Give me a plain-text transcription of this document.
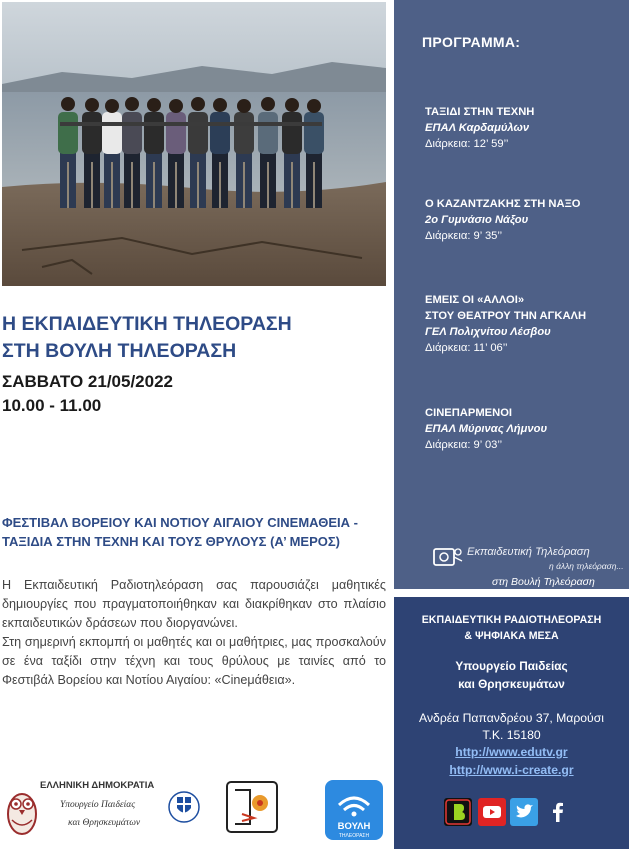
Η ΕΚΠΑΙΔΕΥΤΙΚΗ ΤΗΛΕΟΡΑΣΗ
ΣΤΗ ΒΟΥΛΗ ΤΗΛΕΟΡΑΣΗ
ΣΑΒΒΑΤΟ 21/05/2022
10.00 - 11.00
ΦΕΣΤΙΒΑΛ ΒΟΡΕΙΟΥ ΚΑΙ ΝΟΤΙΟΥ ΑΙΓΑΙΟΥ CINEΜΑΘΕΙΑ -
ΤΑΞΙΔΙΑ ΣΤΗΝ ΤΕΧΝΗ ΚΑΙ ΤΟΥΣ ΘΡΥΛΟΥΣ (Α’ ΜΕΡΟΣ)

Η Εκπαιδευτική Ραδιοτηλεόραση σας παρουσιάζει μαθητικές δημιουργίες που πραγματοποιήθηκαν και διακρίθηκαν στο πλαίσιο εκπαιδευτικών δράσεων που διοργανώνει.

Στη σημερινή εκπομπή οι μαθητές και οι μαθήτριες, μας προσκαλούν σε ένα ταξίδι στην τέχνη και τους θρύλους με ταινίες από το Φεστιβάλ Βορείου και Νοτίου Αιγαίου: «Cineμάθεια».

ΕΛΛΗΝΙΚΗ ΔΗΜΟΚΡΑΤΙΑ
Υπουργείο Παιδείας
και Θρησκευμάτων	ΒΟΥΛΗ
ΤΗΛΕΟΡΑΣΗ
ΠΡΟΓΡΑΜΜΑ:
ΤΑΞΙΔΙ ΣΤΗΝ ΤΕΧΝΗ
ΕΠΑΛ Καρδαμύλων
Διάρκεια: 12’ 59’’
Ο ΚΑΖΑΝΤΖΑΚΗΣ ΣΤΗ ΝΑΞΟ
2ο Γυμνάσιο Νάξου
Διάρκεια: 9’ 35’’
ΕΜΕΙΣ ΟΙ «ΑΛΛΟΙ»
ΣΤΟΥ ΘΕΑΤΡΟΥ ΤΗΝ ΑΓΚΑΛΗ
ΓΕΛ Πολιχνίτου Λέσβου
Διάρκεια: 11’ 06’’
CINEΠΑΡΜΕΝΟΙ
ΕΠΑΛ Μύρινας Λήμνου
Διάρκεια: 9’ 03’’
Εκπαιδευτική Τηλεόραση
η άλλη τηλεόραση...
στη Βουλή Τηλεόραση
ΕΚΠΑΙΔΕΥΤΙΚΗ ΡΑΔΙΟΤΗΛΕΟΡΑΣΗ
& ΨΗΦΙΑΚΑ ΜΕΣΑ
Υπουργείο Παιδείας
και Θρησκευμάτων
Ανδρέα Παπανδρέου 37, Μαρούσι
Τ.Κ. 15180
http://www.edutv.gr
http://www.i-create.gr
